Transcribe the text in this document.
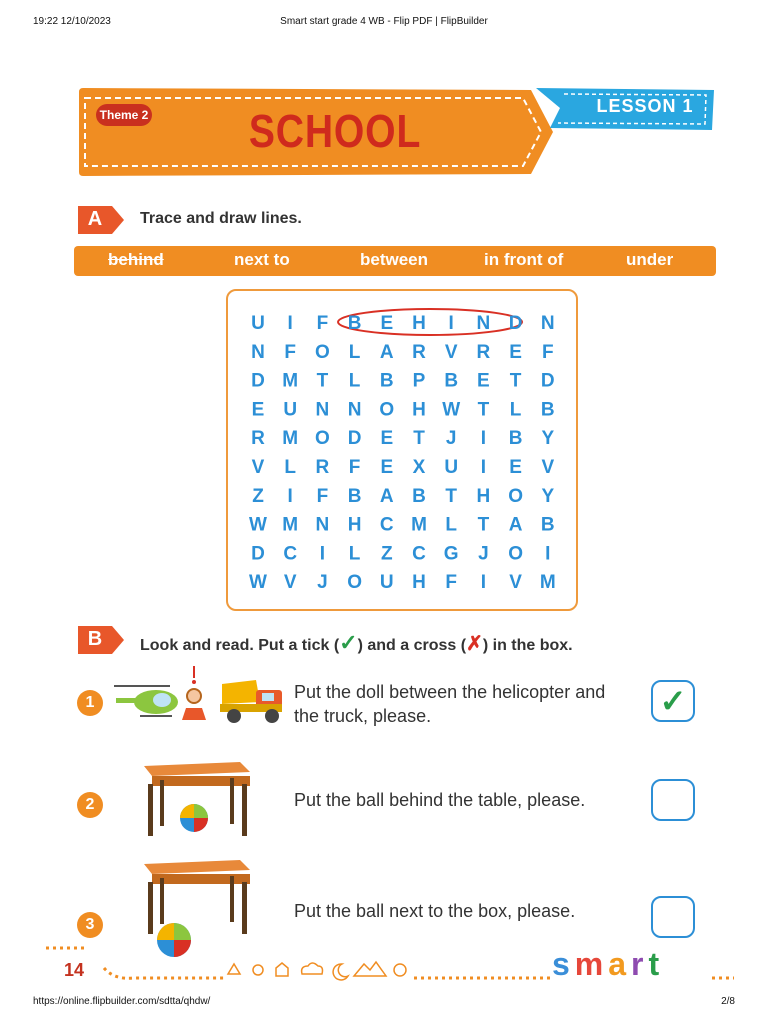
19:22 12/10/2023	Smart start grade 4 WB - Flip PDF | FlipBuilder
Theme 2	SCHOOL	LESSON 1
A	Trace and draw lines.
behind	next to	between	in front of	under
U I F B E H I N D N
N F O L A R V R E F
D M T L B P B E T D
E U N N O H W T L B
R M O D E T J I B Y
V L R F E X U I E V
Z I F B A B T H O Y
W M N H C M L T A B
D C I L Z C G J O I
W V J O U H F I V M
B	Look and read. Put a tick (✓) and a cross (✗) in the box.
1
Put the doll between the helicopter and
the truck, please.	✓
2	Put the ball behind the table, please.
3
Put the ball next to the box, please.
14	smart
https://online.flipbuilder.com/sdtta/qhdw/	2/8
